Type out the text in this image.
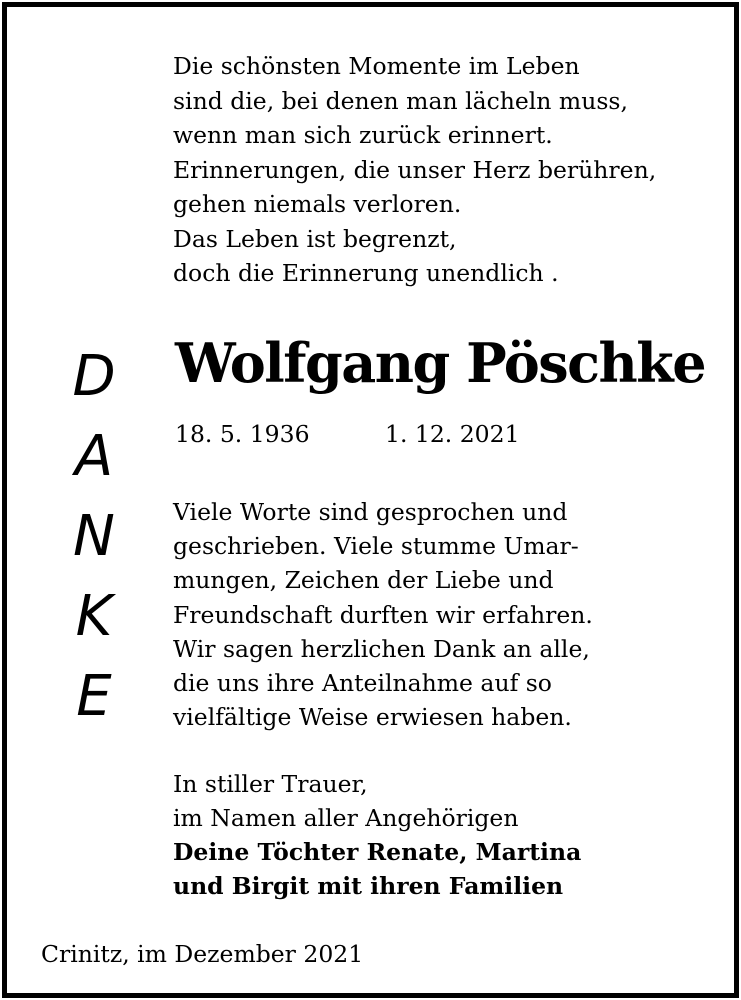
Die schönsten Momente im Leben
sind die, bei denen man lächeln muss,
wenn man sich zurück erinnert.
Erinnerungen, die unser Herz berühren,
gehen niemals verloren.
Das Leben ist begrenzt,
doch die Erinnerung unendlich .
D
A
N
K
E
Wolfgang Pöschke
18. 5. 1936	1. 12. 2021
Viele Worte sind gesprochen und
geschrieben. Viele stumme Umar-
mungen, Zeichen der Liebe und
Freundschaft durften wir erfahren.
Wir sagen herzlichen Dank an alle,
die uns ihre Anteilnahme auf so
vielfältige Weise erwiesen haben.
In stiller Trauer,
im Namen aller Angehörigen
Deine Töchter Renate, Martina
und Birgit mit ihren Familien
Crinitz, im Dezember 2021
